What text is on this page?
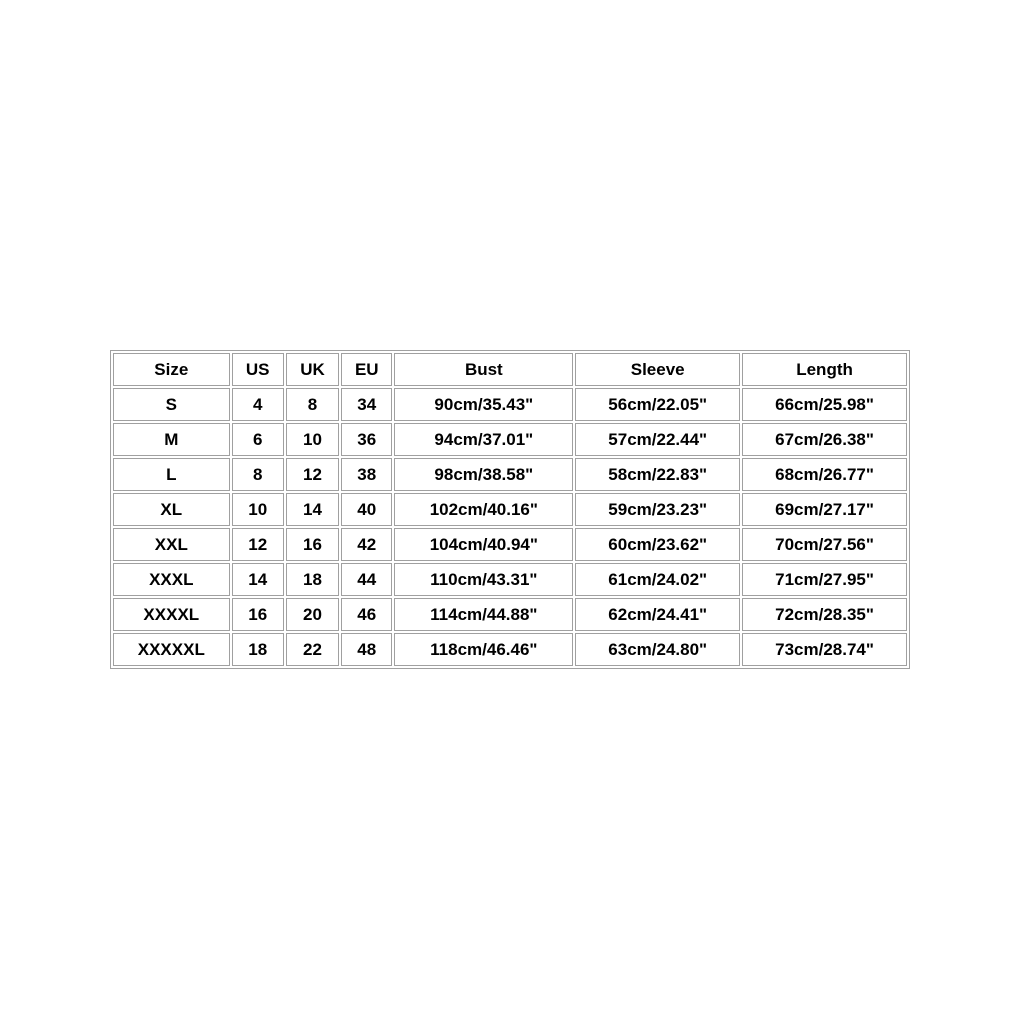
Size	US	UK	EU	Bust	Sleeve	Length
S	4	8	34	90cm/35.43"	56cm/22.05"	66cm/25.98"
M	6	10	36	94cm/37.01"	57cm/22.44"	67cm/26.38"
L	8	12	38	98cm/38.58"	58cm/22.83"	68cm/26.77"
XL	10	14	40	102cm/40.16"	59cm/23.23"	69cm/27.17"
XXL	12	16	42	104cm/40.94"	60cm/23.62"	70cm/27.56"
XXXL	14	18	44	110cm/43.31"	61cm/24.02"	71cm/27.95"
XXXXL	16	20	46	114cm/44.88"	62cm/24.41"	72cm/28.35"
XXXXXL	18	22	48	118cm/46.46"	63cm/24.80"	73cm/28.74"
